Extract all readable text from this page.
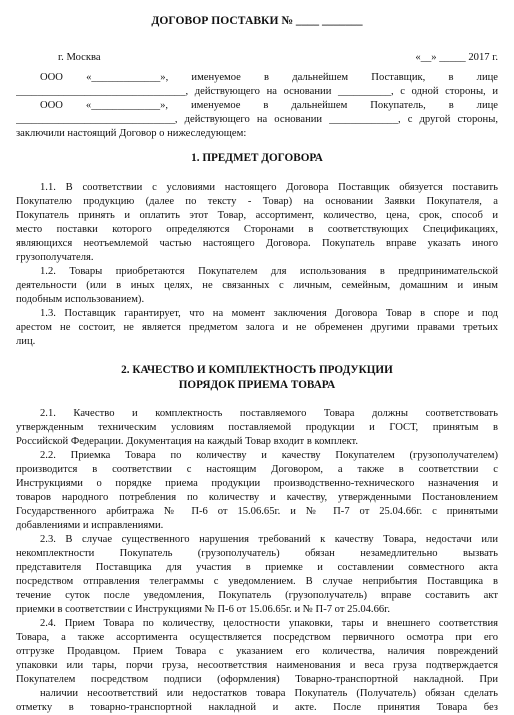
ДОГОВОР ПОСТАВКИ № ____ _______
г. Москва	«__» _____ 2017 г.
ООО «_____________», именуемое в дальнейшем Поставщик, в лице
________________________________, действующего на основании __________, с одной стороны, и
ООО «_____________», именуемое в дальнейшем Покупатель, в лице
______________________________, действующего на основании _____________, с другой стороны,
заключили настоящий Договор о нижеследующем:
1. ПРЕДМЕТ ДОГОВОРА
1.1. В соответствии с условиями настоящего Договора Поставщик обязуется поставить
Покупателю продукцию (далее по тексту - Товар) на основании Заявки Покупателя, а
Покупатель принять и оплатить этот Товар, ассортимент, количество, цена, срок, способ и
место поставки которого определяются Сторонами в соответствующих Спецификациях,
являющихся неотъемлемой частью настоящего Договора. Покупатель вправе указать иного
грузополучателя.
1.2. Товары приобретаются Покупателем для использования в предпринимательской
деятельности (или в иных целях, не связанных с личным, семейным, домашним и иным
подобным использованием).
1.3. Поставщик гарантирует, что на момент заключения Договора Товар в споре и под
арестом не состоит, не является предметом залога и не обременен другими правами третьих
лиц.
2. КАЧЕСТВО И КОМПЛЕКТНОСТЬ ПРОДУКЦИИ
ПОРЯДОК ПРИЕМА ТОВАРА
2.1. Качество и комплектность поставляемого Товара должны соответствовать
утвержденным техническим условиям поставляемой продукции и ГОСТ, принятым в
Российской Федерации. Документация на каждый Товар входит в комплект.
2.2. Приемка Товара по количеству и качеству Покупателем (грузополучателем)
производится в соответствии с настоящим Договором, а также в соответствии с
Инструкциями о порядке приема продукции производственно-технического назначения и
товаров народного потребления по количеству и качеству, утвержденными Постановлением
Государственного арбитража № П-6 от 15.06.65г. и № П-7 от 25.04.66г. с принятыми
добавлениями и исправлениями.
2.3. В случае существенного нарушения требований к качеству Товара, недостачи или
некомплектности Покупатель (грузополучатель) обязан незамедлительно вызвать
представителя Поставщика для участия в приемке и составлении совместного акта
посредством отправления телеграммы с уведомлением. В случае неприбытия Поставщика в
течение суток после уведомления, Покупатель (грузополучатель) вправе составить акт
приемки в соответствии с Инструкциями № П-6 от 15.06.65г. и № П-7 от 25.04.66г.
2.4. Прием Товара по количеству, целостности упаковки, тары и внешнего соответствия
Товара, а также ассортимента осуществляется посредством первичного осмотра при его
отгрузке Продавцом. Прием Товара с указанием его количества, наличия повреждений
упаковки или тары, порчи груза, несоответствия наименования и веса груза подтверждается
Покупателем посредством подписи (оформления) Товарно-транспортной накладной. При
наличии несоответствий или недостатков товара Покупатель (Получатель) обязан сделать
отметку в товарно-транспортной накладной и акте. После принятия Товара без
